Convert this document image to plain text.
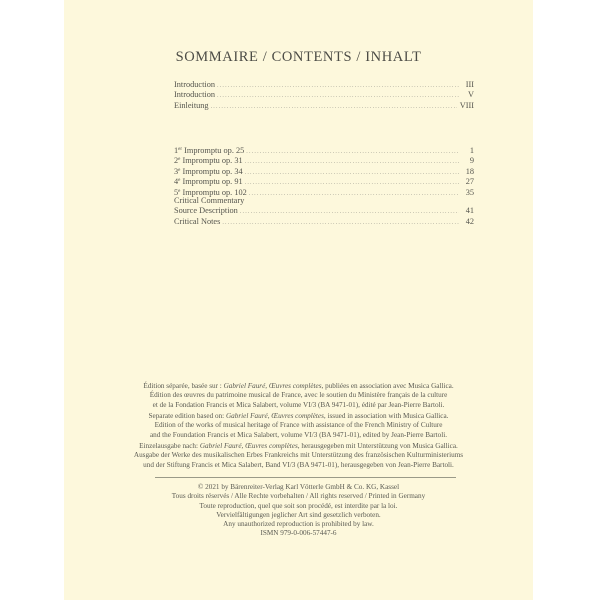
SOMMAIRE / CONTENTS / INHALT
Introduction .....	III
Introduction .....	V
Einleitung .....	VIII
1er Impromptu op. 25 .....	1
2e Impromptu op. 31 .....	9
3e Impromptu op. 34 .....	18
4e Impromptu op. 91 .....	27
5e Impromptu op. 102 .....	35
Critical Commentary
Source Description .....	41
Critical Notes .....	42
Édition séparée, basée sur : Gabriel Fauré, Œuvres complètes, publiées en association avec Musica Gallica.
Édition des œuvres du patrimoine musical de France, avec le soutien du Ministère français de la culture
et de la Fondation Francis et Mica Salabert, volume VI/3 (BA 9471-01), édité par Jean-Pierre Bartoli.
Separate edition based on: Gabriel Fauré, Œuvres complètes, issued in association with Musica Gallica.
Edition of the works of musical heritage of France with assistance of the French Ministry of Culture
and the Foundation Francis et Mica Salabert, volume VI/3 (BA 9471-01), edited by Jean-Pierre Bartoli.
Einzelausgabe nach: Gabriel Fauré, Œuvres complètes, herausgegeben mit Unterstützung von Musica Gallica.
Ausgabe der Werke des musikalischen Erbes Frankreichs mit Unterstützung des französischen Kulturministeriums
und der Stiftung Francis et Mica Salabert, Band VI/3 (BA 9471-01), herausgegeben von Jean-Pierre Bartoli.
© 2021 by Bärenreiter-Verlag Karl Vötterle GmbH & Co. KG, Kassel
Tous droits réservés / Alle Rechte vorbehalten / All rights reserved / Printed in Germany
Toute reproduction, quel que soit son procédé, est interdite par la loi.
Vervielfältigungen jeglicher Art sind gesetzlich verboten.
Any unauthorized reproduction is prohibited by law.
ISMN 979-0-006-57447-6
